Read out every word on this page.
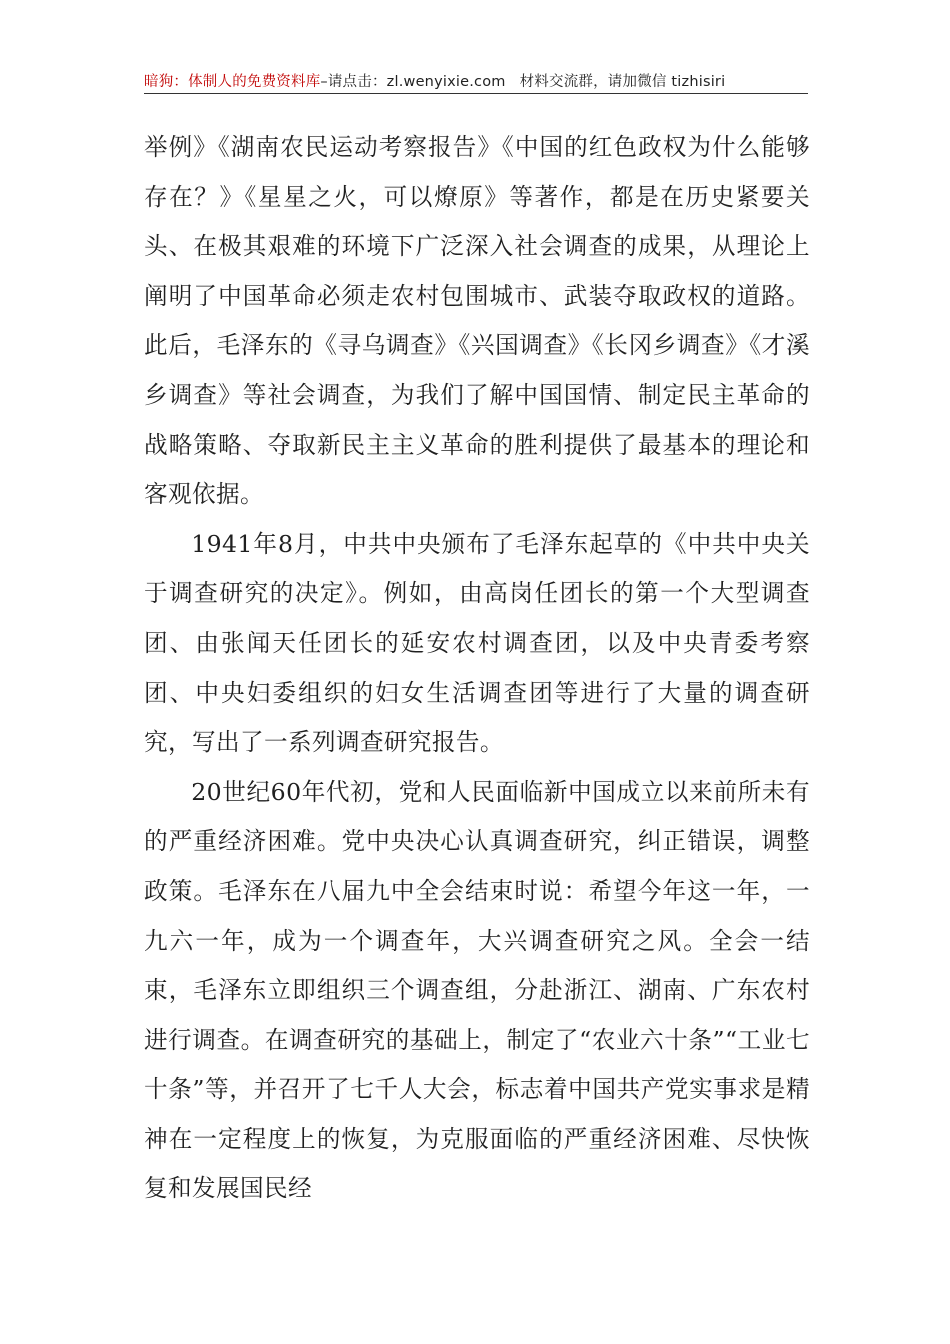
暗狗：体制人的免费资料库–请点击：zl.wenyixie.com 材料交流群，请加微信 tizhisiri

举例》《湖南农民运动考察报告》《中国的红色政权为什么能够存在？》《星星之火，可以燎原》等著作，都是在历史紧要关头、在极其艰难的环境下广泛深入社会调查的成果，从理论上阐明了中国革命必须走农村包围城市、武装夺取政权的道路。此后，毛泽东的《寻乌调查》《兴国调查》《长冈乡调查》《才溪乡调查》等社会调查，为我们了解中国国情、制定民主革命的战略策略、夺取新民主主义革命的胜利提供了最基本的理论和客观依据。

1941年8月，中共中央颁布了毛泽东起草的《中共中央关于调查研究的决定》。例如，由高岗任团长的第一个大型调查团、由张闻天任团长的延安农村调查团，以及中央青委考察团、中央妇委组织的妇女生活调查团等进行了大量的调查研究，写出了一系列调查研究报告。

20世纪60年代初，党和人民面临新中国成立以来前所未有的严重经济困难。党中央决心认真调查研究，纠正错误，调整政策。毛泽东在八届九中全会结束时说：希望今年这一年，一九六一年，成为一个调查年，大兴调查研究之风。全会一结束，毛泽东立即组织三个调查组，分赴浙江、湖南、广东农村进行调查。在调查研究的基础上，制定了“农业六十条”“工业七十条”等，并召开了七千人大会，标志着中国共产党实事求是精神在一定程度上的恢复，为克服面临的严重经济困难、尽快恢复和发展国民经
